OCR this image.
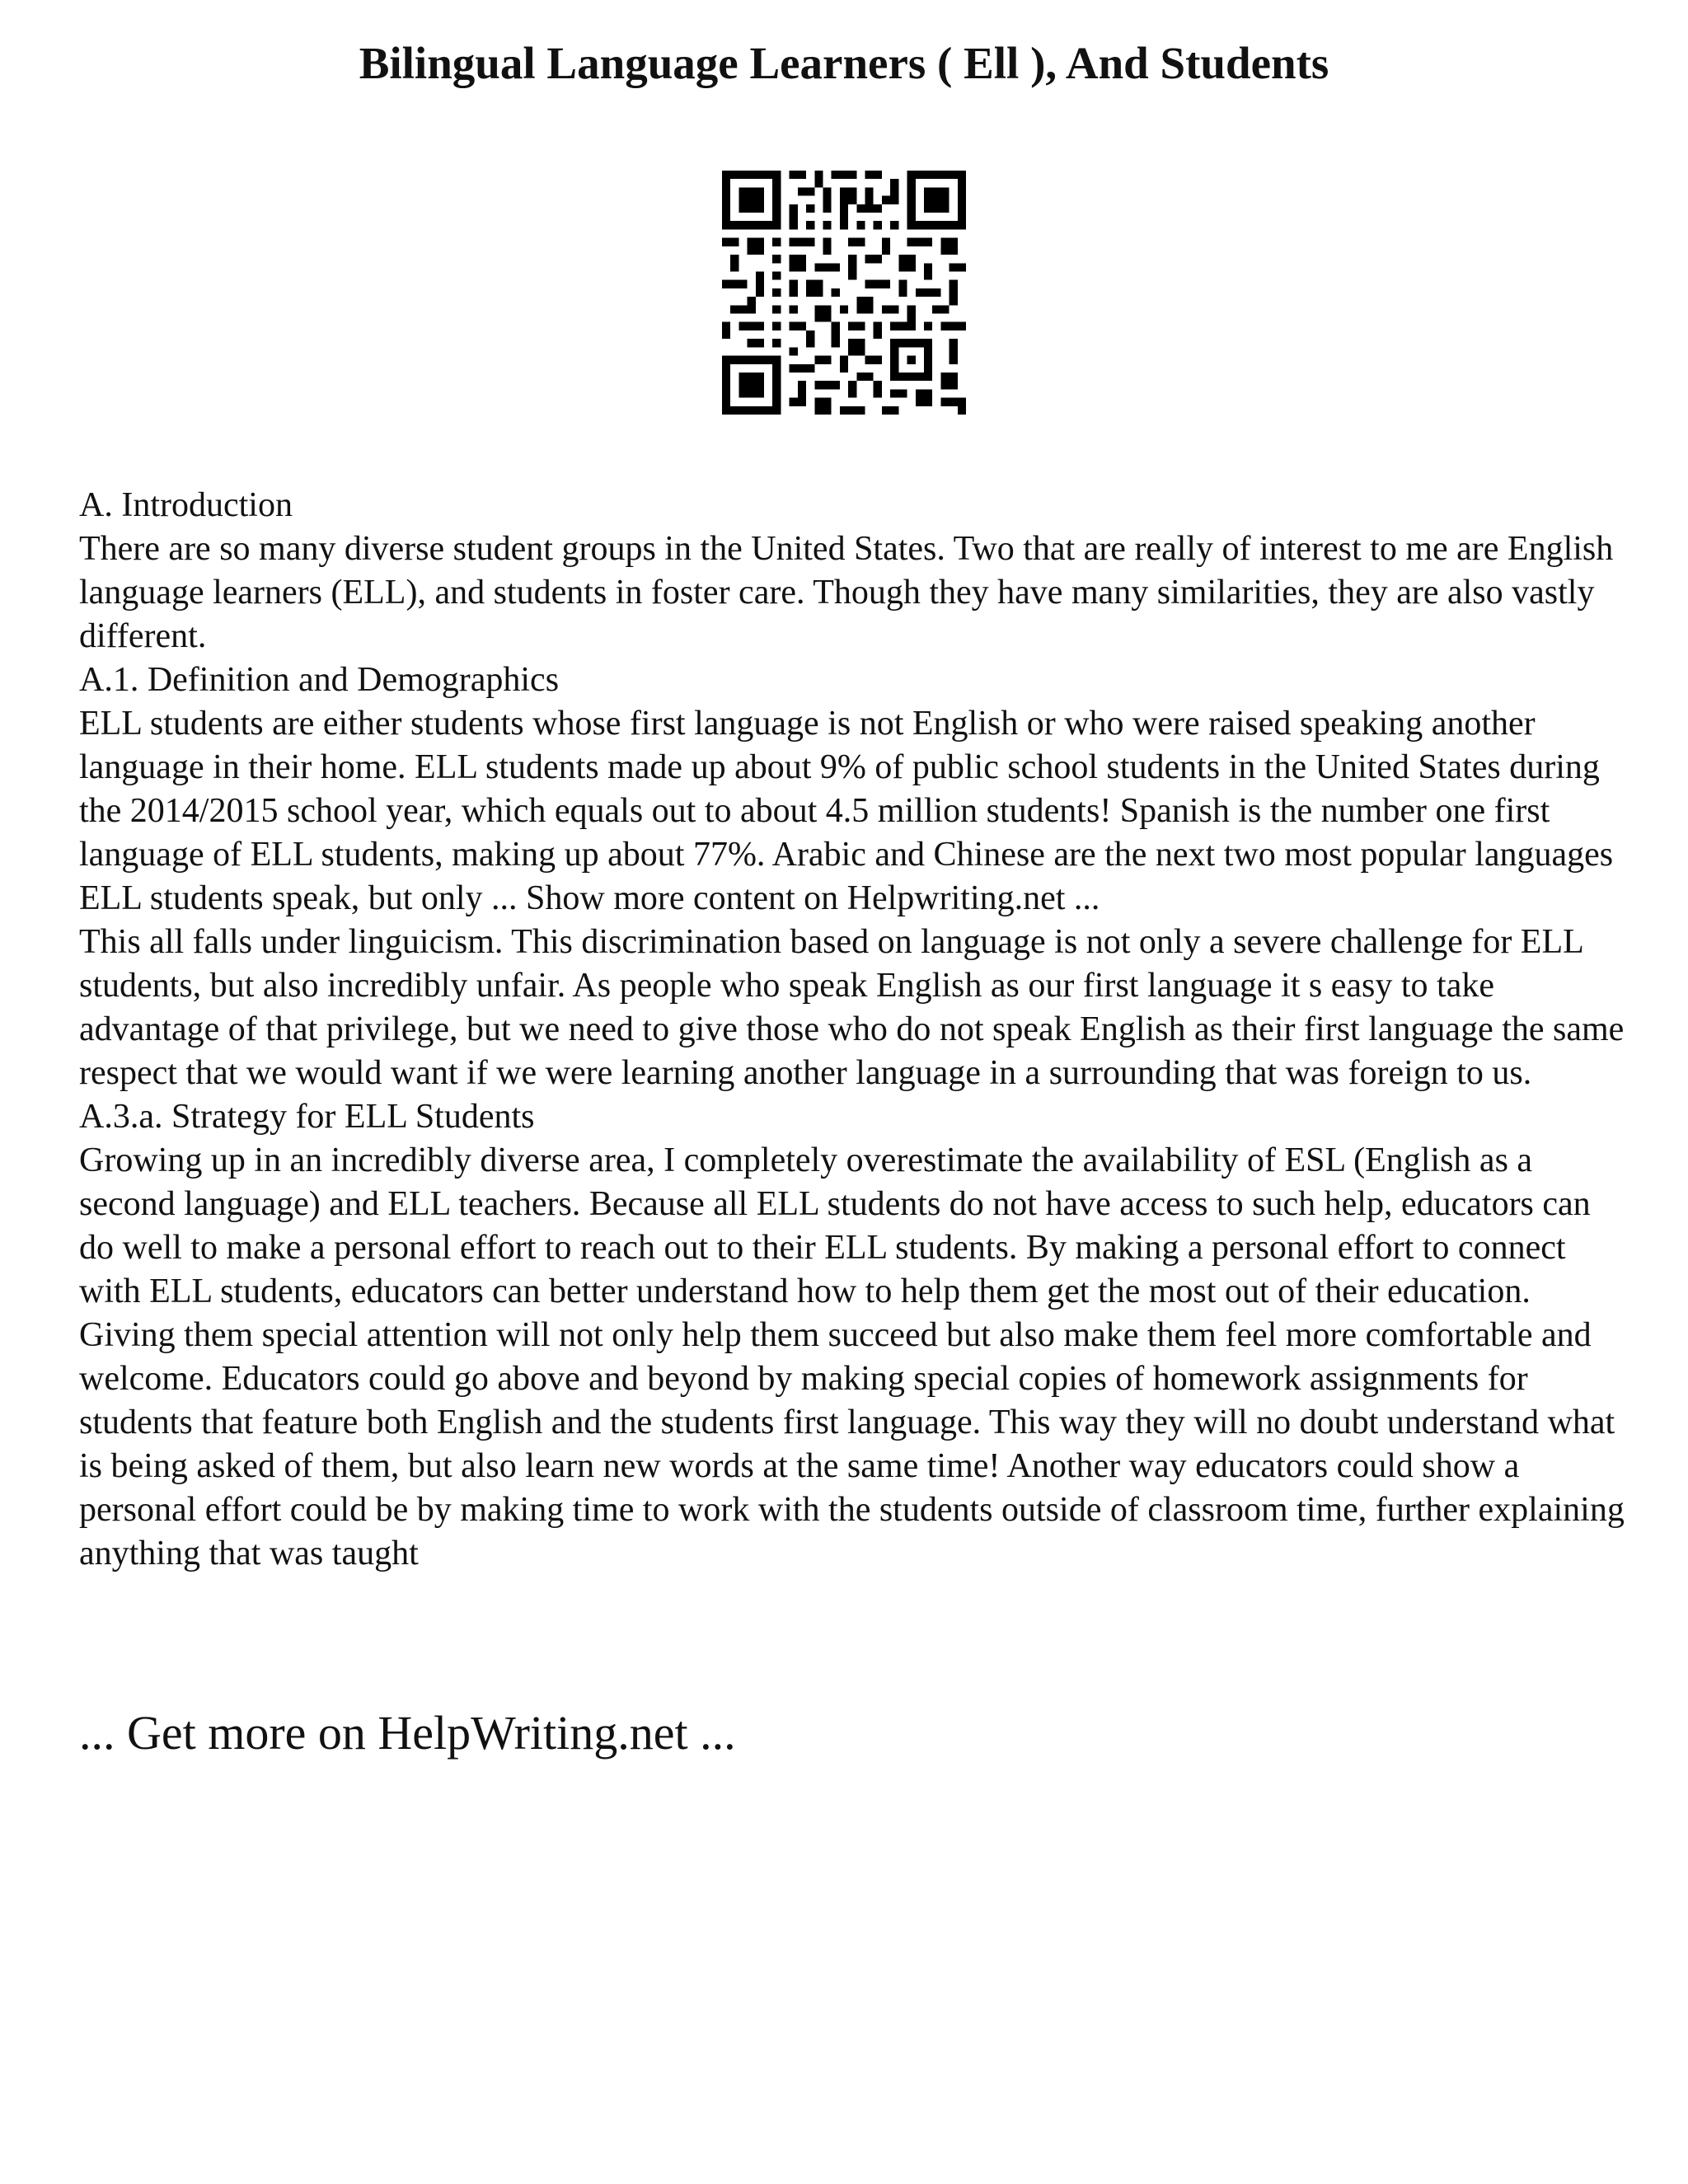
Bilingual Language Learners ( Ell ), And Students

A. Introduction

There are so many diverse student groups in the United States. Two that are really of interest to me are English language learners (ELL), and students in foster care. Though they have many similarities, they are also vastly different.

A.1. Definition and Demographics

ELL students are either students whose first language is not English or who were raised speaking another language in their home. ELL students made up about 9% of public school students in the United States during the 2014/2015 school year, which equals out to about 4.5 million students! Spanish is the number one first language of ELL students, making up about 77%. Arabic and Chinese are the next two most popular languages ELL students speak, but only ... Show more content on Helpwriting.net ...

This all falls under linguicism. This discrimination based on language is not only a severe challenge for ELL students, but also incredibly unfair. As people who speak English as our first language it s easy to take advantage of that privilege, but we need to give those who do not speak English as their first language the same respect that we would want if we were learning another language in a surrounding that was foreign to us.

A.3.a. Strategy for ELL Students

Growing up in an incredibly diverse area, I completely overestimate the availability of ESL (English as a second language) and ELL teachers. Because all ELL students do not have access to such help, educators can do well to make a personal effort to reach out to their ELL students. By making a personal effort to connect with ELL students, educators can better understand how to help them get the most out of their education. Giving them special attention will not only help them succeed but also make them feel more comfortable and welcome. Educators could go above and beyond by making special copies of homework assignments for students that feature both English and the students first language. This way they will no doubt understand what is being asked of them, but also learn new words at the same time! Another way educators could show a personal effort could be by making time to work with the students outside of classroom time, further explaining anything that was taught

... Get more on HelpWriting.net ...
